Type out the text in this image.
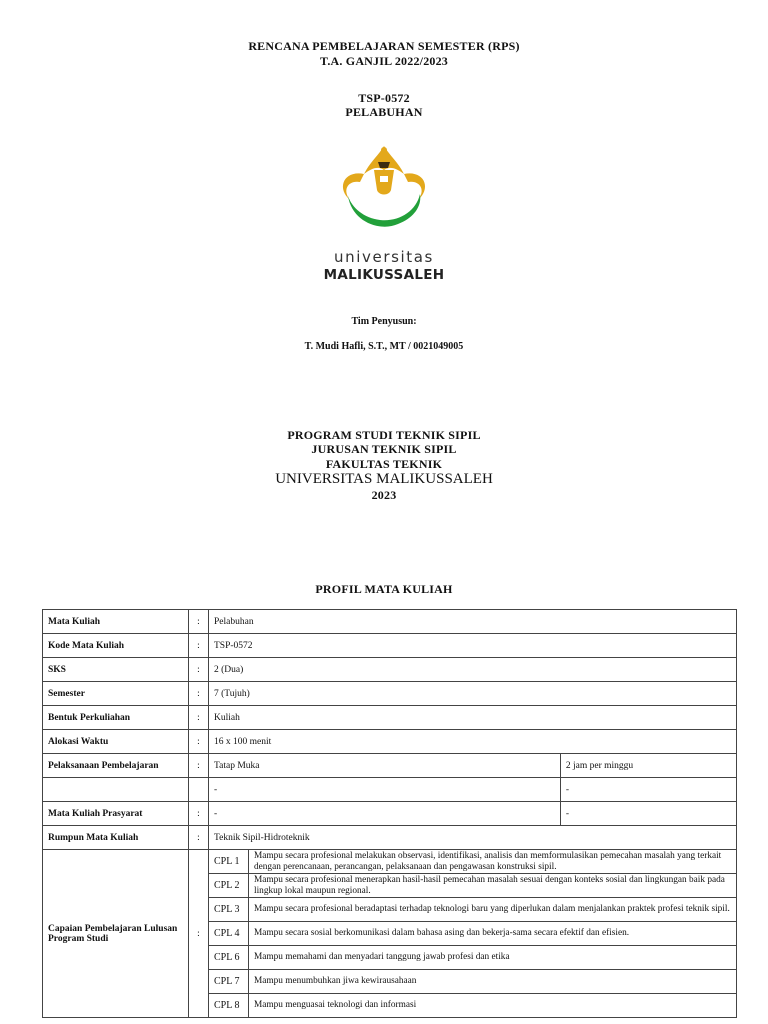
RENCANA PEMBELAJARAN SEMESTER (RPS)
T.A. GANJIL 2022/2023
TSP-0572
PELABUHAN
universitas
MALIKUSSALEH
Tim Penyusun:
T. Mudi Hafli, S.T., MT / 0021049005
PROGRAM STUDI TEKNIK SIPIL
JURUSAN TEKNIK SIPIL
FAKULTAS TEKNIK
UNIVERSITAS MALIKUSSALEH
2023
PROFIL MATA KULIAH
Mata Kuliah	:	Pelabuhan		
Kode Mata Kuliah	:	TSP-0572		
SKS	:	2 (Dua)		
Semester	:	7 (Tujuh)		
Bentuk Perkuliahan	:	Kuliah		
Alokasi Waktu	:	16 x 100 menit		
Pelaksanaan Pembelajaran	:	Tatap Muka		2 jam per minggu
		-		-
Mata Kuliah Prasyarat	:	-		-
Rumpun Mata Kuliah	:	Teknik Sipil-Hidroteknik		
Capaian Pembelajaran Lulusan Program Studi	:	CPL 1	Mampu secara profesional melakukan observasi, identifikasi, analisis dan memformulasikan pemecahan masalah yang terkait dengan perencanaan, perancangan, pelaksanaan dan pengawasan konstruksi sipil.	
		CPL 2	Mampu secara profesional menerapkan hasil-hasil pemecahan masalah sesuai dengan konteks sosial dan lingkungan baik pada lingkup lokal maupun regional.	
		CPL 3	Mampu secara profesional beradaptasi terhadap teknologi baru yang diperlukan dalam menjalankan praktek profesi teknik sipil.	
		CPL 4	Mampu secara sosial berkomunikasi dalam bahasa asing dan bekerja-sama secara efektif dan efisien.	
		CPL 6	Mampu memahami dan menyadari tanggung jawab profesi dan etika	
		CPL 7	Mampu menumbuhkan jiwa kewirausahaan	
		CPL 8	Mampu menguasai teknologi dan informasi	
